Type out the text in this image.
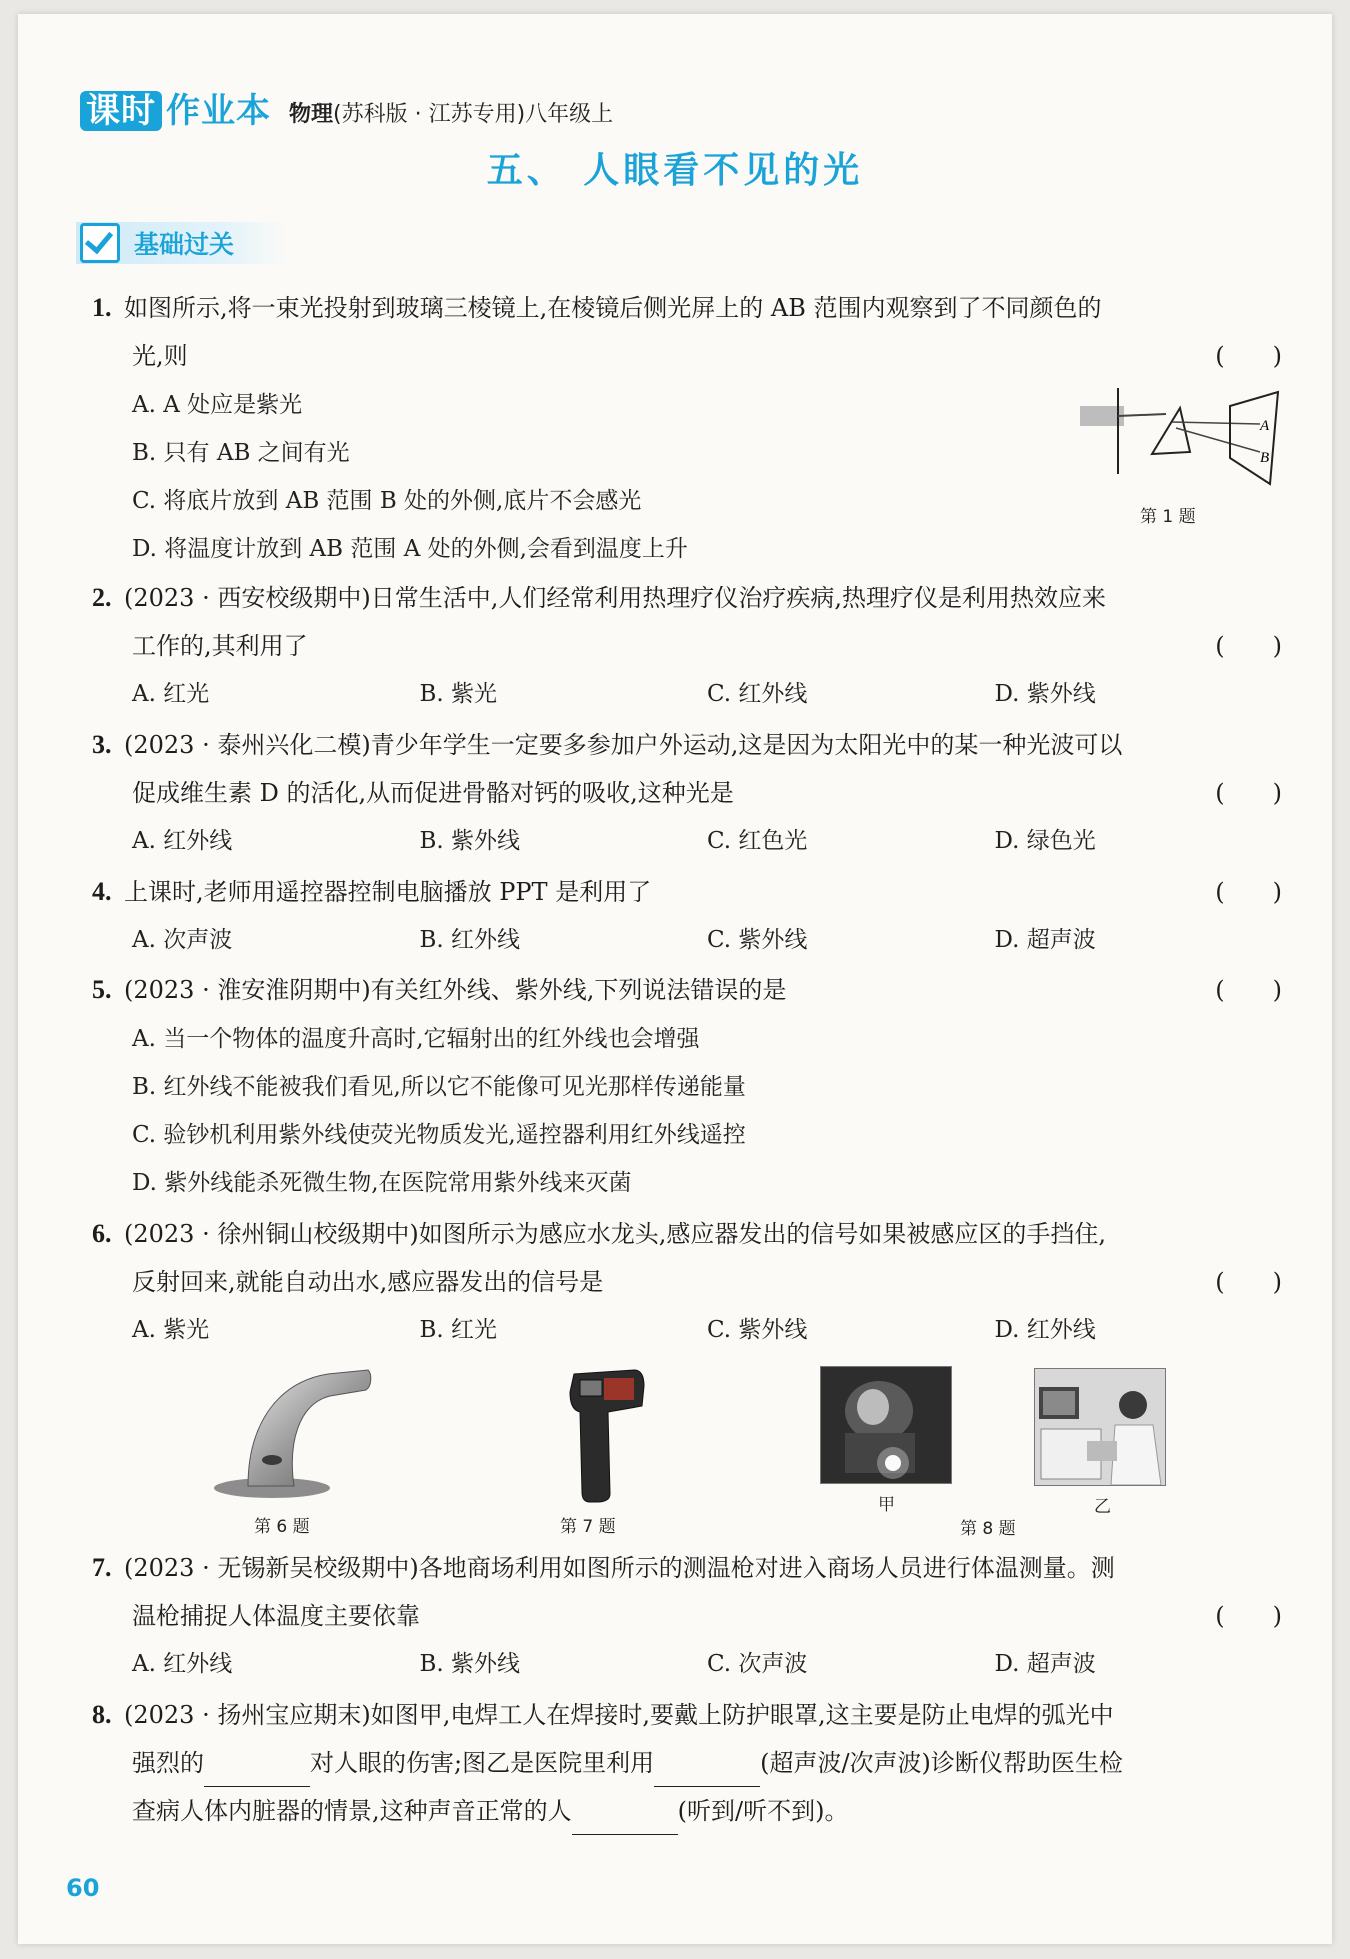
课时 作业本 物理(苏科版 · 江苏专用)八年级上
五、 人眼看不见的光
基础过关
1. 如图所示,将一束光投射到玻璃三棱镜上,在棱镜后侧光屏上的 AB 范围内观察到了不同颜色的
光,则	(　　)
A. A 处应是紫光
B. 只有 AB 之间有光
C. 将底片放到 AB 范围 B 处的外侧,底片不会感光
D. 将温度计放到 AB 范围 A 处的外侧,会看到温度上升
A
B
第 1 题
2. (2023 · 西安校级期中)日常生活中,人们经常利用热理疗仪治疗疾病,热理疗仪是利用热效应来
工作的,其利用了	(　　)
A. 红光	B. 紫光	C. 红外线	D. 紫外线
3. (2023 · 泰州兴化二模)青少年学生一定要多参加户外运动,这是因为太阳光中的某一种光波可以
促成维生素 D 的活化,从而促进骨骼对钙的吸收,这种光是	(　　)
A. 红外线	B. 紫外线	C. 红色光	D. 绿色光
4. 上课时,老师用遥控器控制电脑播放 PPT 是利用了	(　　)
A. 次声波	B. 红外线	C. 紫外线	D. 超声波
5. (2023 · 淮安淮阴期中)有关红外线、紫外线,下列说法错误的是	(　　)
A. 当一个物体的温度升高时,它辐射出的红外线也会增强
B. 红外线不能被我们看见,所以它不能像可见光那样传递能量
C. 验钞机利用紫外线使荧光物质发光,遥控器利用红外线遥控
D. 紫外线能杀死微生物,在医院常用紫外线来灭菌
6. (2023 · 徐州铜山校级期中)如图所示为感应水龙头,感应器发出的信号如果被感应区的手挡住,
反射回来,就能自动出水,感应器发出的信号是	(　　)
A. 紫光	B. 红光	C. 紫外线	D. 红外线
第 6 题	第 7 题
甲	乙
第 8 题
7. (2023 · 无锡新吴校级期中)各地商场利用如图所示的测温枪对进入商场人员进行体温测量。测
温枪捕捉人体温度主要依靠	(　　)
A. 红外线	B. 紫外线	C. 次声波	D. 超声波
8. (2023 · 扬州宝应期末)如图甲,电焊工人在焊接时,要戴上防护眼罩,这主要是防止电焊的弧光中
强烈的	对人眼的伤害;图乙是医院里利用	(超声波/次声波)诊断仪帮助医生检
查病人体内脏器的情景,这种声音正常的人	(听到/听不到)。
60
